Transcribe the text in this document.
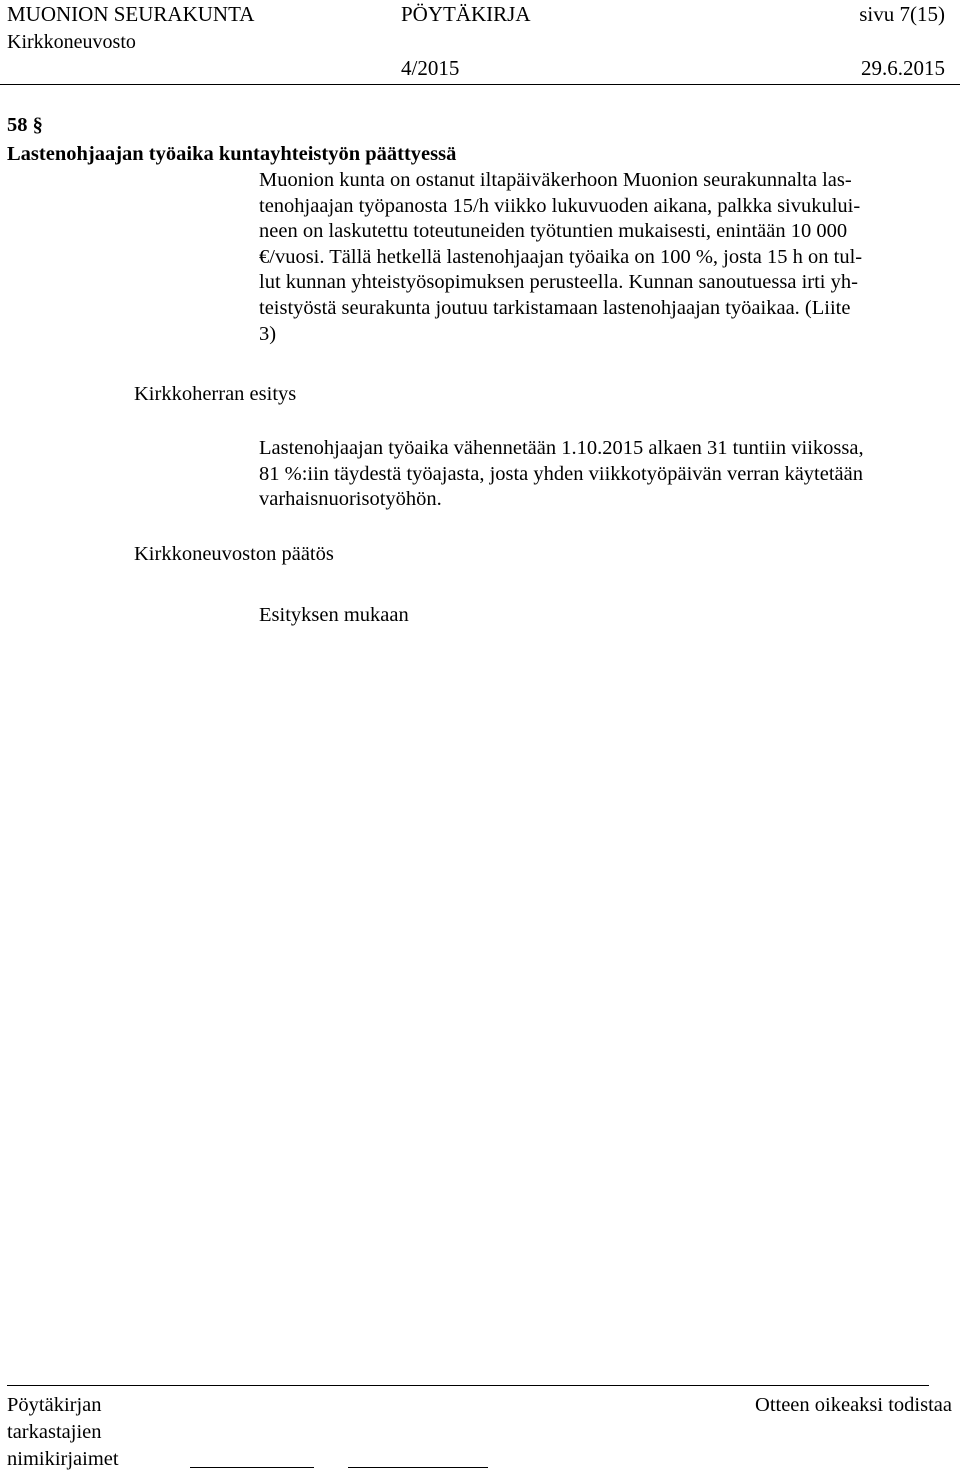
MUONION SEURAKUNTA	PÖYTÄKIRJA	sivu 7(15)
Kirkkoneuvosto
4/2015	29.6.2015
58 §
Lastenohjaajan työaika kuntayhteistyön päättyessä
Muonion kunta on ostanut iltapäiväkerhoon Muonion seurakunnalta las-
tenohjaajan työpanosta 15/h viikko lukuvuoden aikana, palkka sivukului-
neen on laskutettu toteutuneiden työtuntien mukaisesti, enintään 10 000
€/vuosi. Tällä hetkellä lastenohjaajan työaika on 100 %, josta 15 h on tul-
lut kunnan yhteistyösopimuksen perusteella. Kunnan sanoutuessa irti yh-
teistyöstä seurakunta joutuu tarkistamaan lastenohjaajan työaikaa. (Liite
3)
Kirkkoherran esitys
Lastenohjaajan työaika vähennetään 1.10.2015 alkaen 31 tuntiin viikossa,
81 %:iin täydestä työajasta, josta yhden viikkotyöpäivän verran käytetään
varhaisnuorisotyöhön.
Kirkkoneuvoston päätös
Esityksen mukaan
Pöytäkirjan
tarkastajien
nimikirjaimet
Otteen oikeaksi todistaa
